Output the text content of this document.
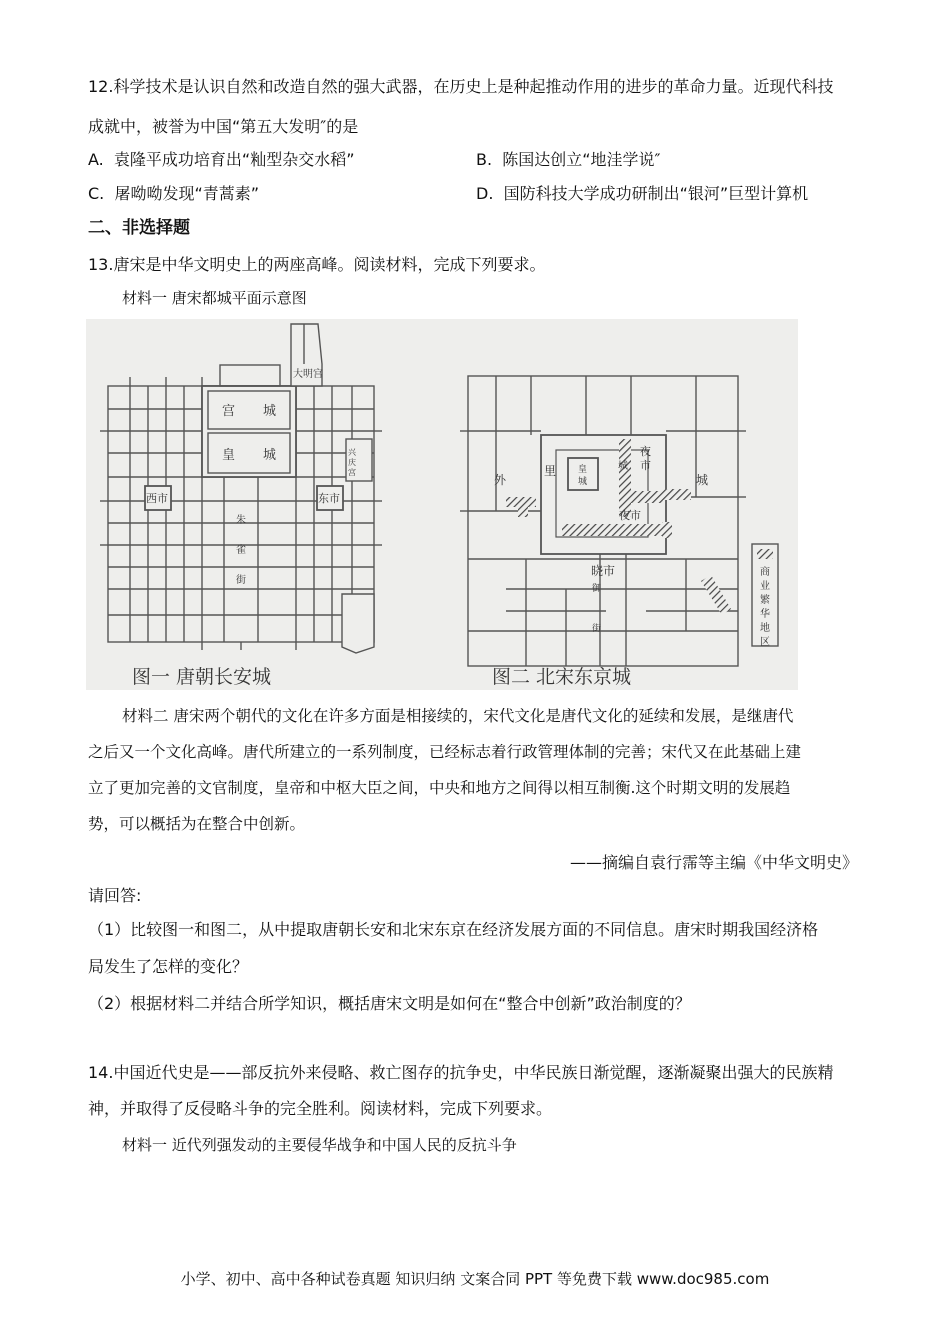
12.科学技术是认识自然和改造自然的强大武器，在历史上是种起推动作用的进步的革命力量。近现代科技
成就中，被誉为中国“第五大发明″的是
A. 袁隆平成功培育出“籼型杂交水稻”	B. 陈国达创立“地洼学说″
C. 屠呦呦发现“青蒿素”	D. 国防科技大学成功研制出“银河”巨型计算机
二、非选择题
13.唐宋是中华文明史上的两座高峰。阅读材料，完成下列要求。
材料一 唐宋都城平面示意图
大明宫
宫 城
皇 城	兴庆宫
西市	东市
朱雀街
图一 唐朝长安城
外	城
里 皇城
城
夜市
夜市
晓市
御街
商业繁华地区
图二 北宋东京城
材料二 唐宋两个朝代的文化在许多方面是相接续的，宋代文化是唐代文化的延续和发展，是继唐代
之后又一个文化高峰。唐代所建立的一系列制度，已经标志着行政管理体制的完善；宋代又在此基础上建
立了更加完善的文官制度，皇帝和中枢大臣之间，中央和地方之间得以相互制衡.这个时期文明的发展趋
势，可以概括为在整合中创新。
——摘编自袁行霈等主编《中华文明史》
请回答:
（1）比较图一和图二，从中提取唐朝长安和北宋东京在经济发展方面的不同信息。唐宋时期我国经济格
局发生了怎样的变化？
（2）根据材料二并结合所学知识，概括唐宋文明是如何在“整合中创新”政治制度的？
14.中国近代史是——部反抗外来侵略、救亡图存的抗争史，中华民族日渐觉醒，逐渐凝聚出强大的民族精
神，并取得了反侵略斗争的完全胜利。阅读材料，完成下列要求。
材料一 近代列强发动的主要侵华战争和中国人民的反抗斗争
小学、初中、高中各种试卷真题 知识归纳 文案合同 PPT 等免费下载 www.doc985.com
